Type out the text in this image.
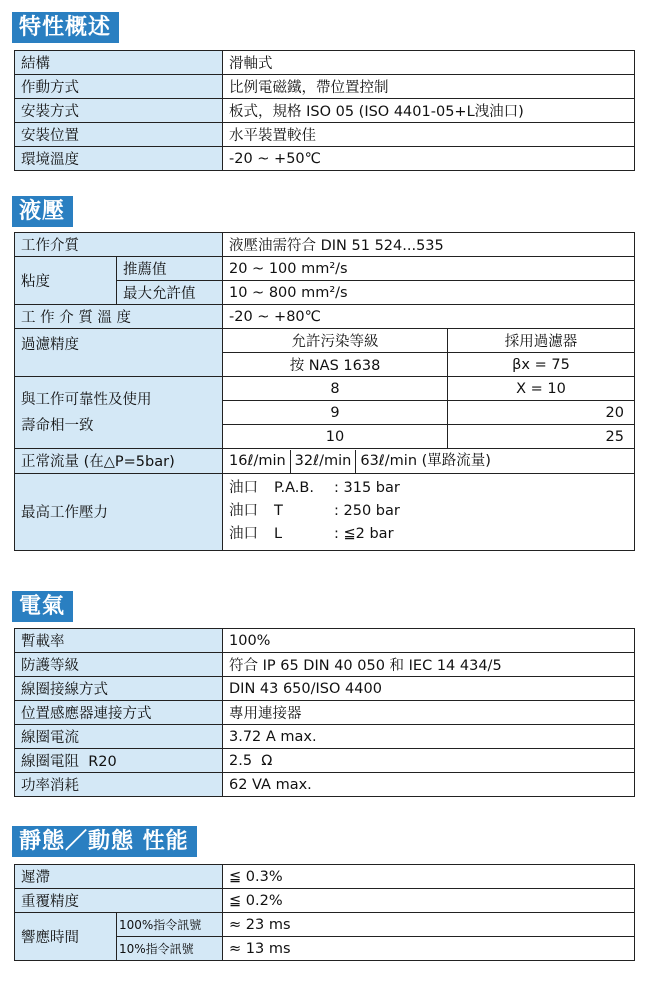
特性概述
結構	滑軸式
作動方式	比例電磁鐵，帶位置控制
安裝方式	板式，規格 ISO 05 (ISO 4401-05+L洩油口)
安裝位置	水平裝置較佳
環境溫度	-20 ~ +50℃
液壓
工作介質		液壓油需符合 DIN 51 524...535	
粘度	推薦值	20 ~ 100 mm²/s	
	最大允許值	10 ~ 800 mm²/s	
工 作 介 質 溫 度		-20 ~ +80℃	
過濾精度		允許污染等級	採用過濾器
		按 NAS 1638	βx = 75

與工作可靠性及使用
壽命相一致		8	X = 10
		9	20
		10	25
正常流量 (在△P=5bar)		16ℓ/min 32ℓ/min 63ℓ/min (單路流量)	
最高工作壓力		油口 P.A.B. : 315 bar
油口 T : 250 bar
油口 L : ≦2 bar	
電氣
暫載率	100%
防護等級	符合 IP 65 DIN 40 050 和 IEC 14 434/5
線圈接線方式	DIN 43 650/ISO 4400
位置感應器連接方式	專用連接器
線圈電流	3.72 A max.
線圈電阻  R20	2.5  Ω
功率消耗	62 VA max.
靜態／動態 性能
遲滯		≦ 0.3%
重覆精度		≦ 0.2%
響應時間	100%指令訊號	≈ 23 ms
	10%指令訊號	≈ 13 ms
